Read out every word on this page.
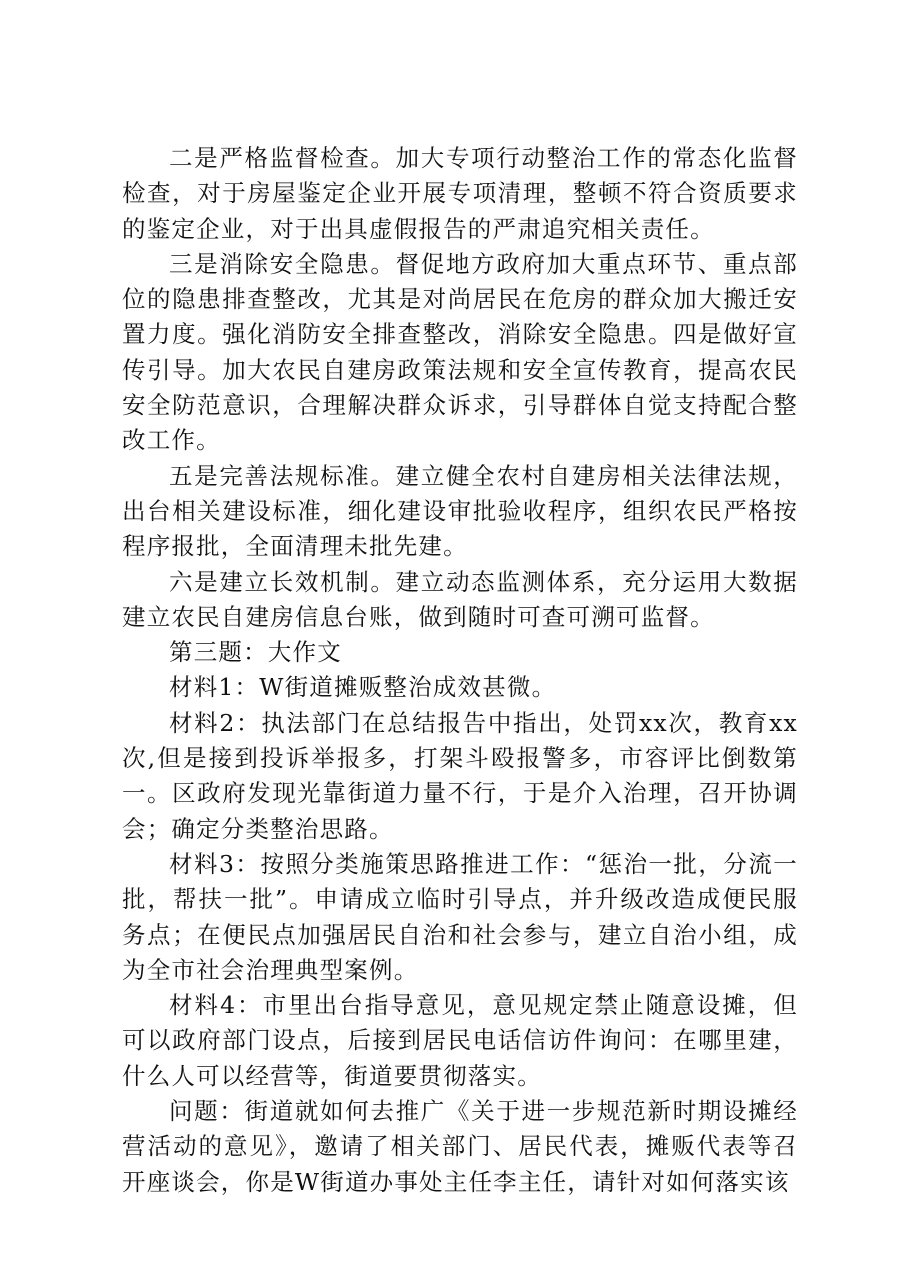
二是严格监督检查。加大专项行动整治工作的常态化监督检查，对于房屋鉴定企业开展专项清理，整顿不符合资质要求的鉴定企业，对于出具虚假报告的严肃追究相关责任。

三是消除安全隐患。督促地方政府加大重点环节、重点部位的隐患排查整改，尤其是对尚居民在危房的群众加大搬迁安置力度。强化消防安全排查整改，消除安全隐患。四是做好宣传引导。加大农民自建房政策法规和安全宣传教育，提高农民安全防范意识，合理解决群众诉求，引导群体自觉支持配合整改工作。

五是完善法规标准。建立健全农村自建房相关法律法规，出台相关建设标准，细化建设审批验收程序，组织农民严格按程序报批，全面清理未批先建。

六是建立长效机制。建立动态监测体系，充分运用大数据建立农民自建房信息台账，做到随时可查可溯可监督。

第三题：大作文

材料1：W街道摊贩整治成效甚微。

材料2：执法部门在总结报告中指出，处罚xx次，教育xx次,但是接到投诉举报多，打架斗殴报警多，市容评比倒数第一。区政府发现光靠街道力量不行，于是介入治理，召开协调会；确定分类整治思路。

材料3：按照分类施策思路推进工作：“惩治一批，分流一批，帮扶一批”。申请成立临时引导点，并升级改造成便民服务点；在便民点加强居民自治和社会参与，建立自治小组，成为全市社会治理典型案例。

材料4：市里出台指导意见，意见规定禁止随意设摊，但可以政府部门设点，后接到居民电话信访件询问：在哪里建，什么人可以经营等，街道要贯彻落实。

问题：街道就如何去推广《关于进一步规范新时期设摊经营活动的意见》，邀请了相关部门、居民代表，摊贩代表等召开座谈会，你是W街道办事处主任李主任，请针对如何落实该
